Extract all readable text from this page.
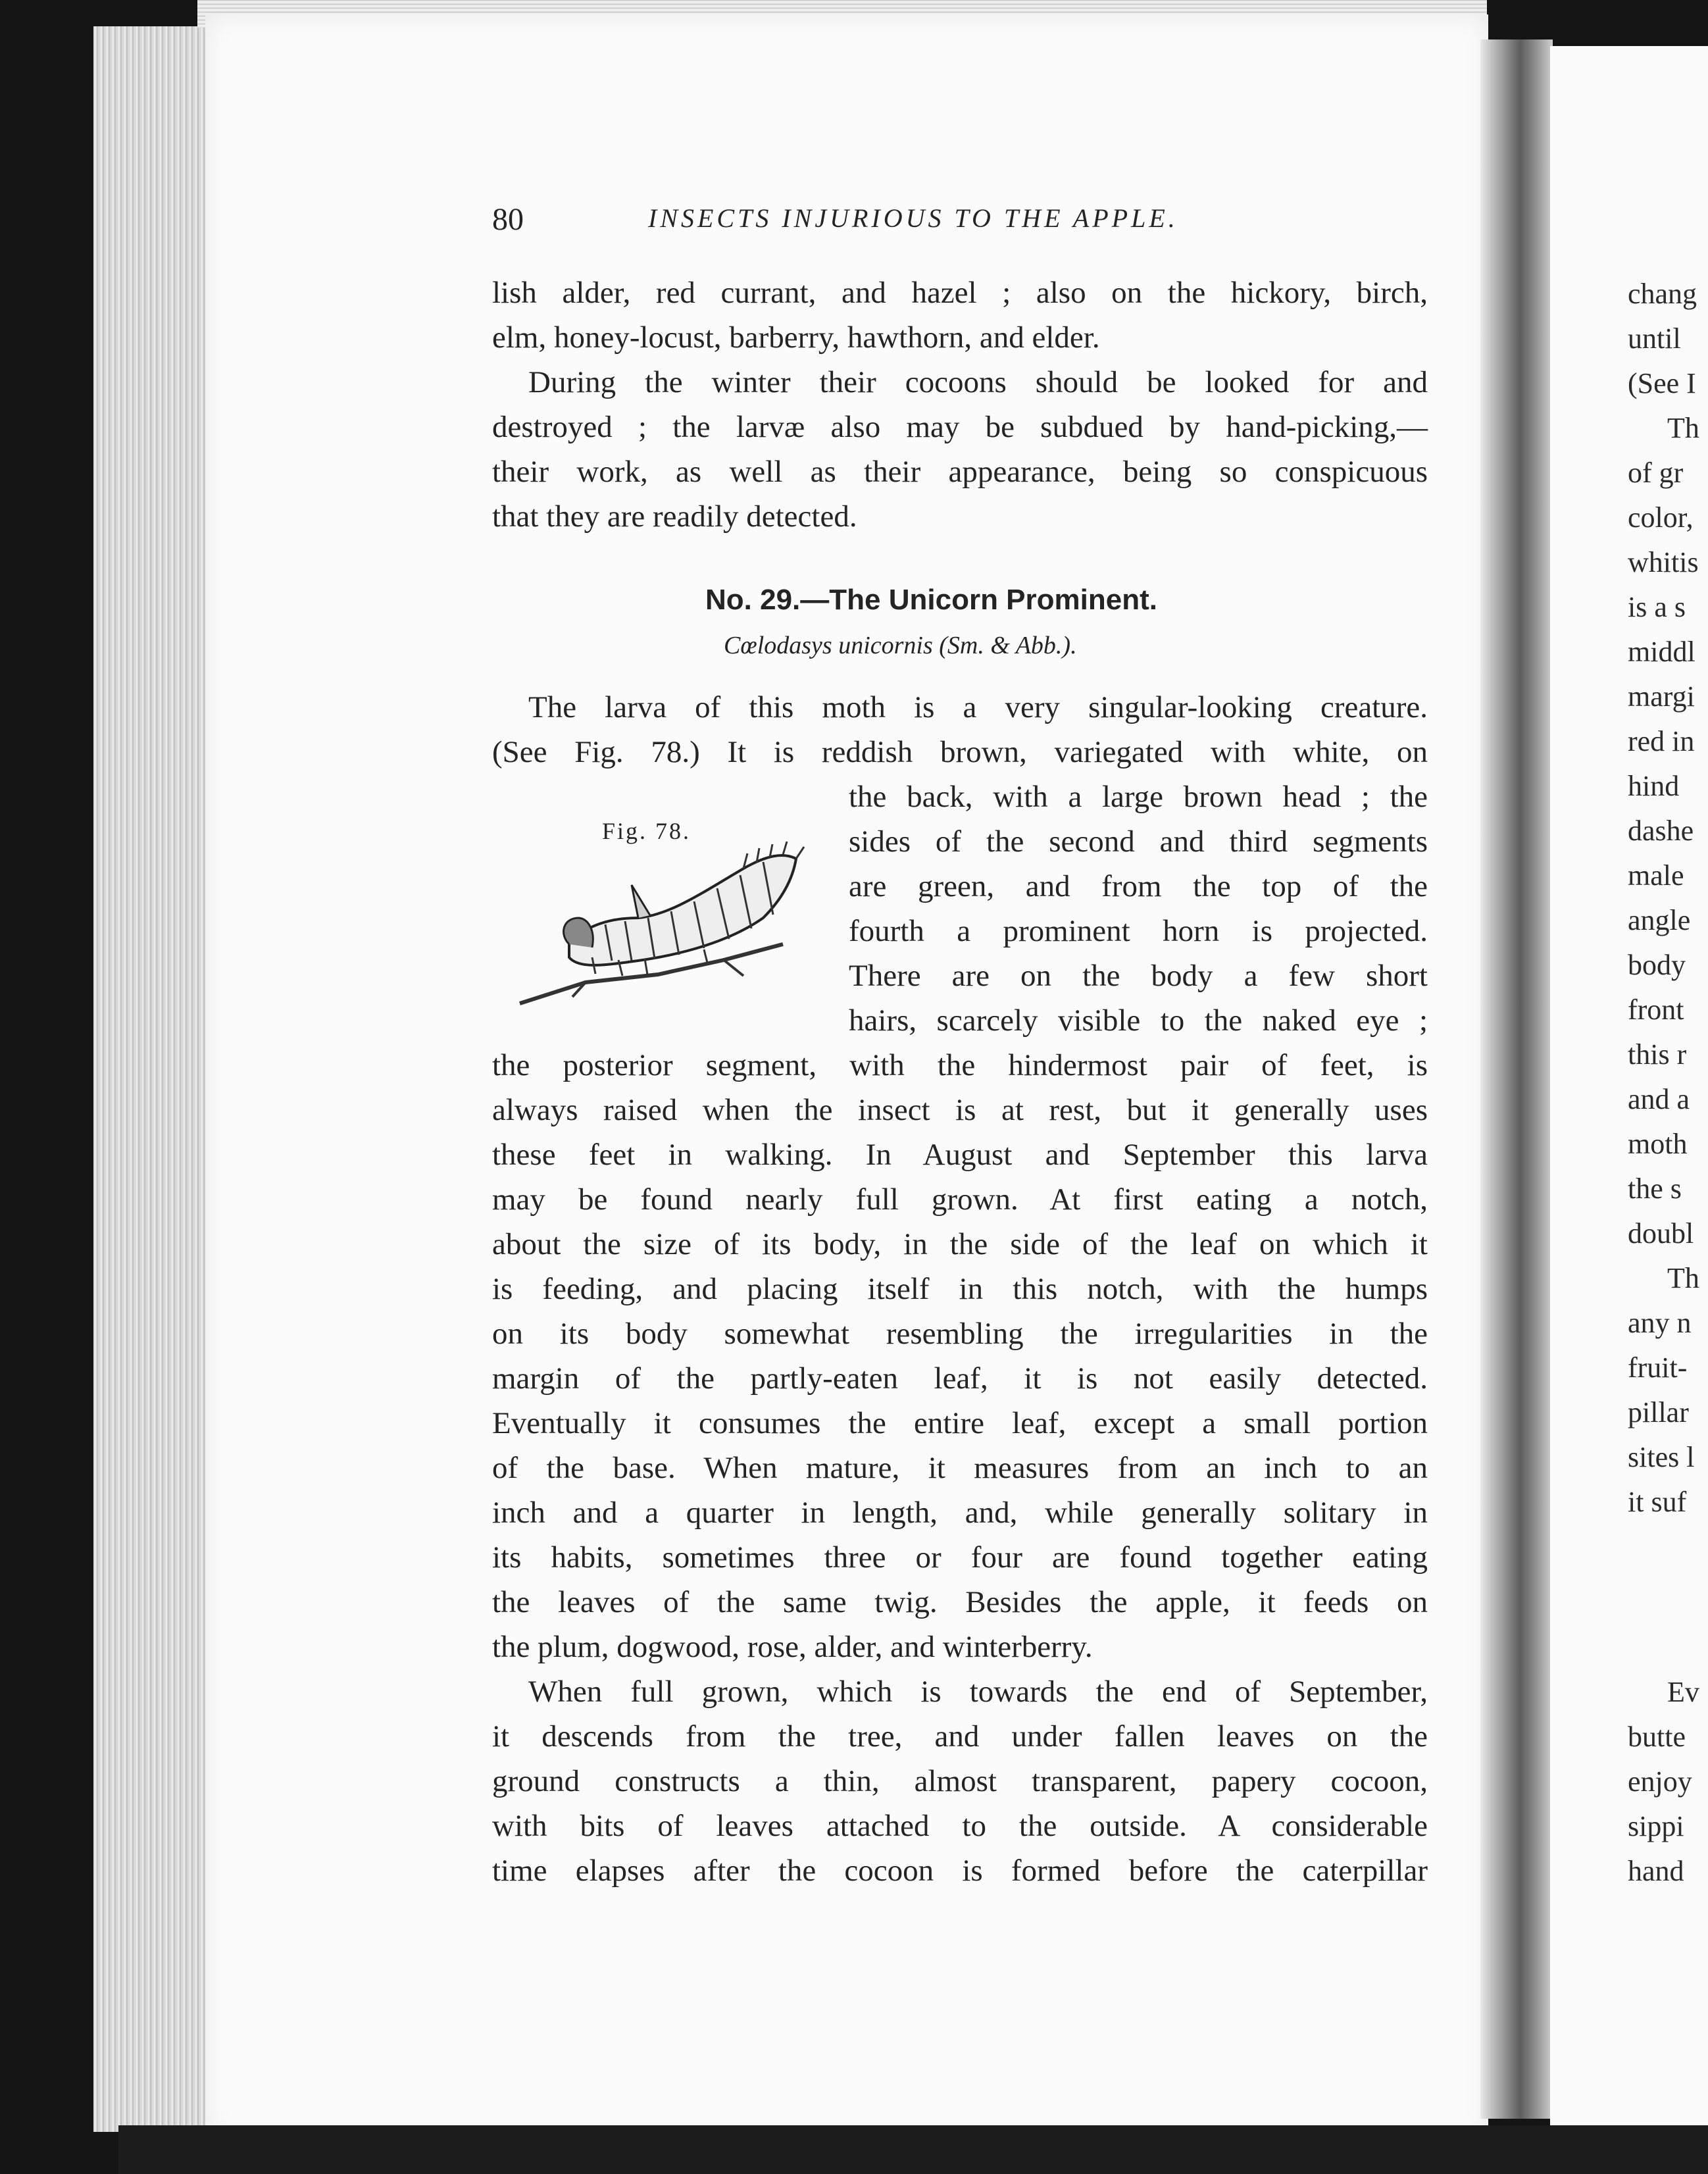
80	INSECTS INJURIOUS TO THE APPLE.

lish alder, red currant, and hazel ; also on the hickory, birch,

elm, honey-locust, barberry, hawthorn, and elder.

During the winter their cocoons should be looked for and

destroyed ; the larvæ also may be subdued by hand-picking,—

their work, as well as their appearance, being so conspicuous

that they are readily detected.

No. 29.—The Unicorn Prominent.

Cœlodasys unicornis (Sm. & Abb.).

The larva of this moth is a very singular-looking creature.

(See Fig. 78.) It is reddish brown, variegated with white, on

Fig. 78.

the back, with a large brown head ; the

sides of the second and third segments

are green, and from the top of the

fourth a prominent horn is projected.

There are on the body a few short

hairs, scarcely visible to the naked eye ;

the posterior segment, with the hindermost pair of feet, is

always raised when the insect is at rest, but it generally uses

these feet in walking. In August and September this larva

may be found nearly full grown. At first eating a notch,

about the size of its body, in the side of the leaf on which it

is feeding, and placing itself in this notch, with the humps

on its body somewhat resembling the irregularities in the

margin of the partly-eaten leaf, it is not easily detected.

Eventually it consumes the entire leaf, except a small portion

of the base. When mature, it measures from an inch to an

inch and a quarter in length, and, while generally solitary in

its habits, sometimes three or four are found together eating

the leaves of the same twig. Besides the apple, it feeds on

the plum, dogwood, rose, alder, and winterberry.

When full grown, which is towards the end of September,

it descends from the tree, and under fallen leaves on the

ground constructs a thin, almost transparent, papery cocoon,

with bits of leaves attached to the outside. A considerable

time elapses after the cocoon is formed before the caterpillar

chang

until

(See I

Th

of gr

color,

whitis

is a s

middl

margi

red in

hind

dashe

male

angle

body

front

this r

and a

moth

the s

doubl

Th

any n

fruit-

pillar

sites l

it suf

Ev

butte

enjoy

sippi

hand
